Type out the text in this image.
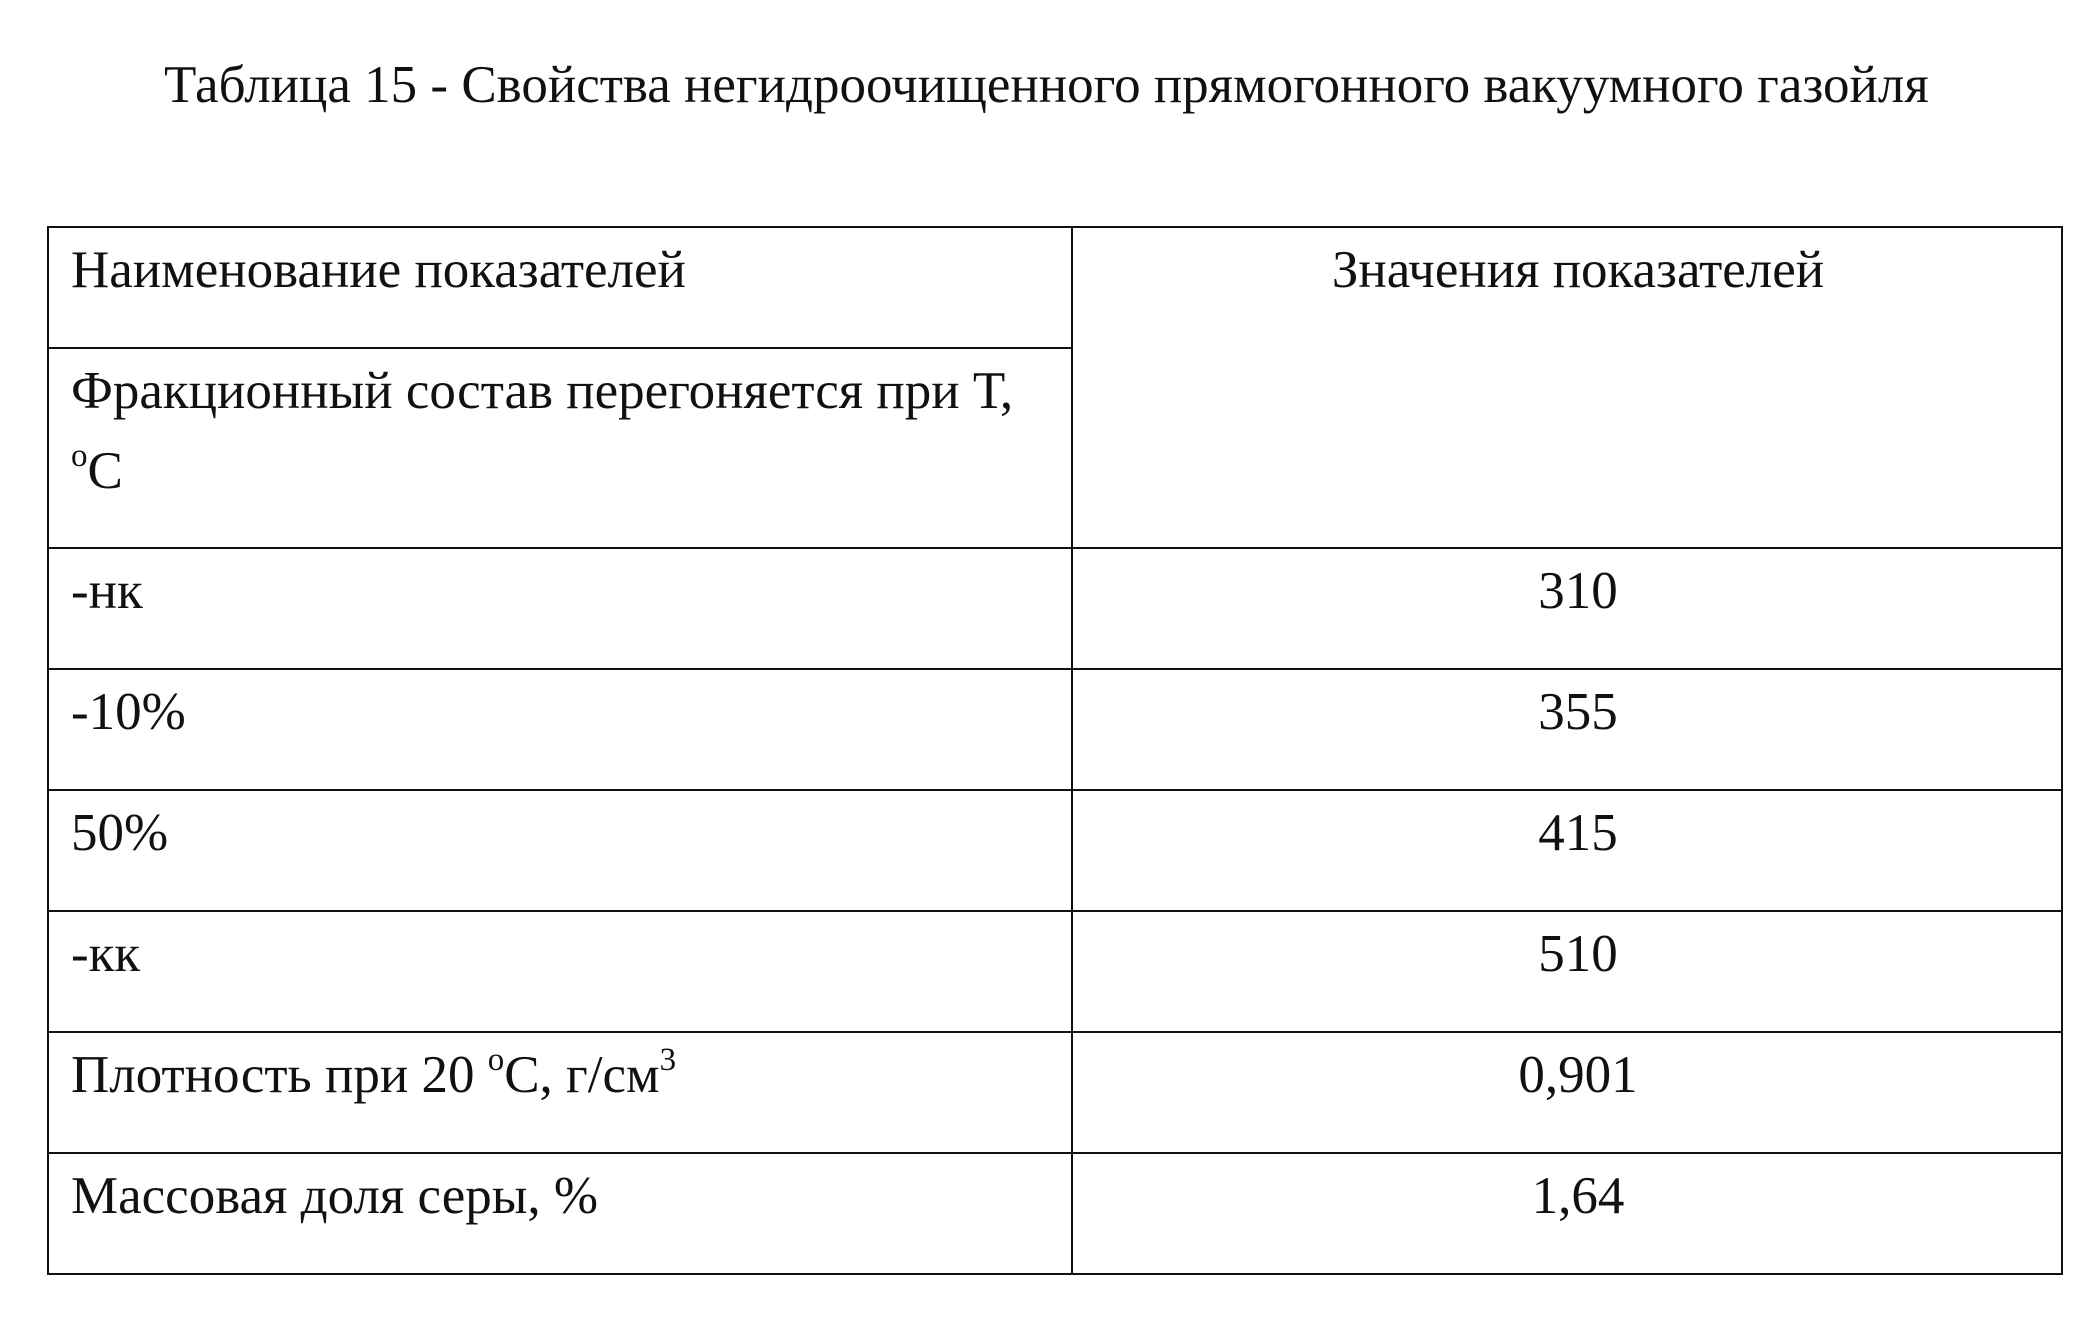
Таблица 15 - Свойства негидроочищенного прямогонного вакуумного газойля
Наименование показателей	Значения показателей
Фракционный состав перегоняется при Т, $^о$С	
-нк	310
-10%	355
50%	415
-кк	510
Плотность при 20 $^о$С, $г/см^3$	0,901
Массовая доля серы, %	1,64
